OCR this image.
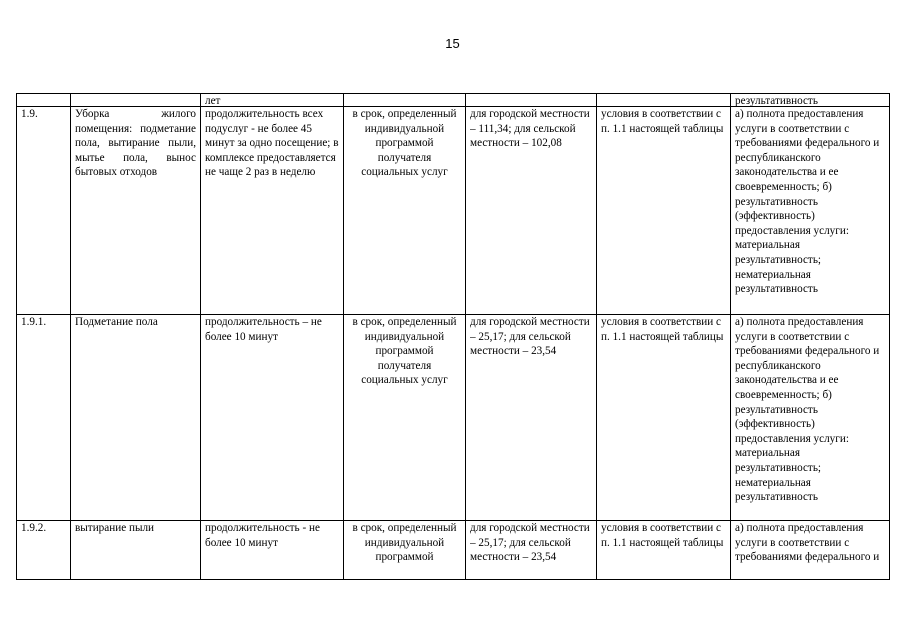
15

		лет				результативность

1.9.	Уборка жилого помещения: подметание пола, вытирание пыли, мытье пола, вынос бытовых отходов	продолжительность всех подуслуг - не более 45 минут за одно посещение; в комплексе предоставляется не чаще 2 раз в неделю	в срок, определенный индивидуальной программой получателя социальных услуг	для городской местности – 111,34; для сельской местности – 102,08	условия в соответствии с п. 1.1 настоящей таблицы	а) полнота предоставления услуги в соответствии с требованиями федерального и республиканского законодательства и ее своевременность; б) результативность (эффективность) предоставления услуги: материальная результативность; нематериальная результативность

1.9.1.	Подметание пола	продолжительность – не более 10 минут	в срок, определенный индивидуальной программой получателя социальных услуг	для городской местности – 25,17; для сельской местности – 23,54	условия в соответствии с п. 1.1 настоящей таблицы	а) полнота предоставления услуги в соответствии с требованиями федерального и республиканского законодательства и ее своевременность; б) результативность (эффективность) предоставления услуги: материальная результативность; нематериальная результативность

1.9.2.	вытирание пыли	продолжительность - не более 10 минут	в срок, определенный индивидуальной программой	для городской местности – 25,17; для сельской местности – 23,54	условия в соответствии с п. 1.1 настоящей таблицы	а) полнота предоставления услуги в соответствии с требованиями федерального и
